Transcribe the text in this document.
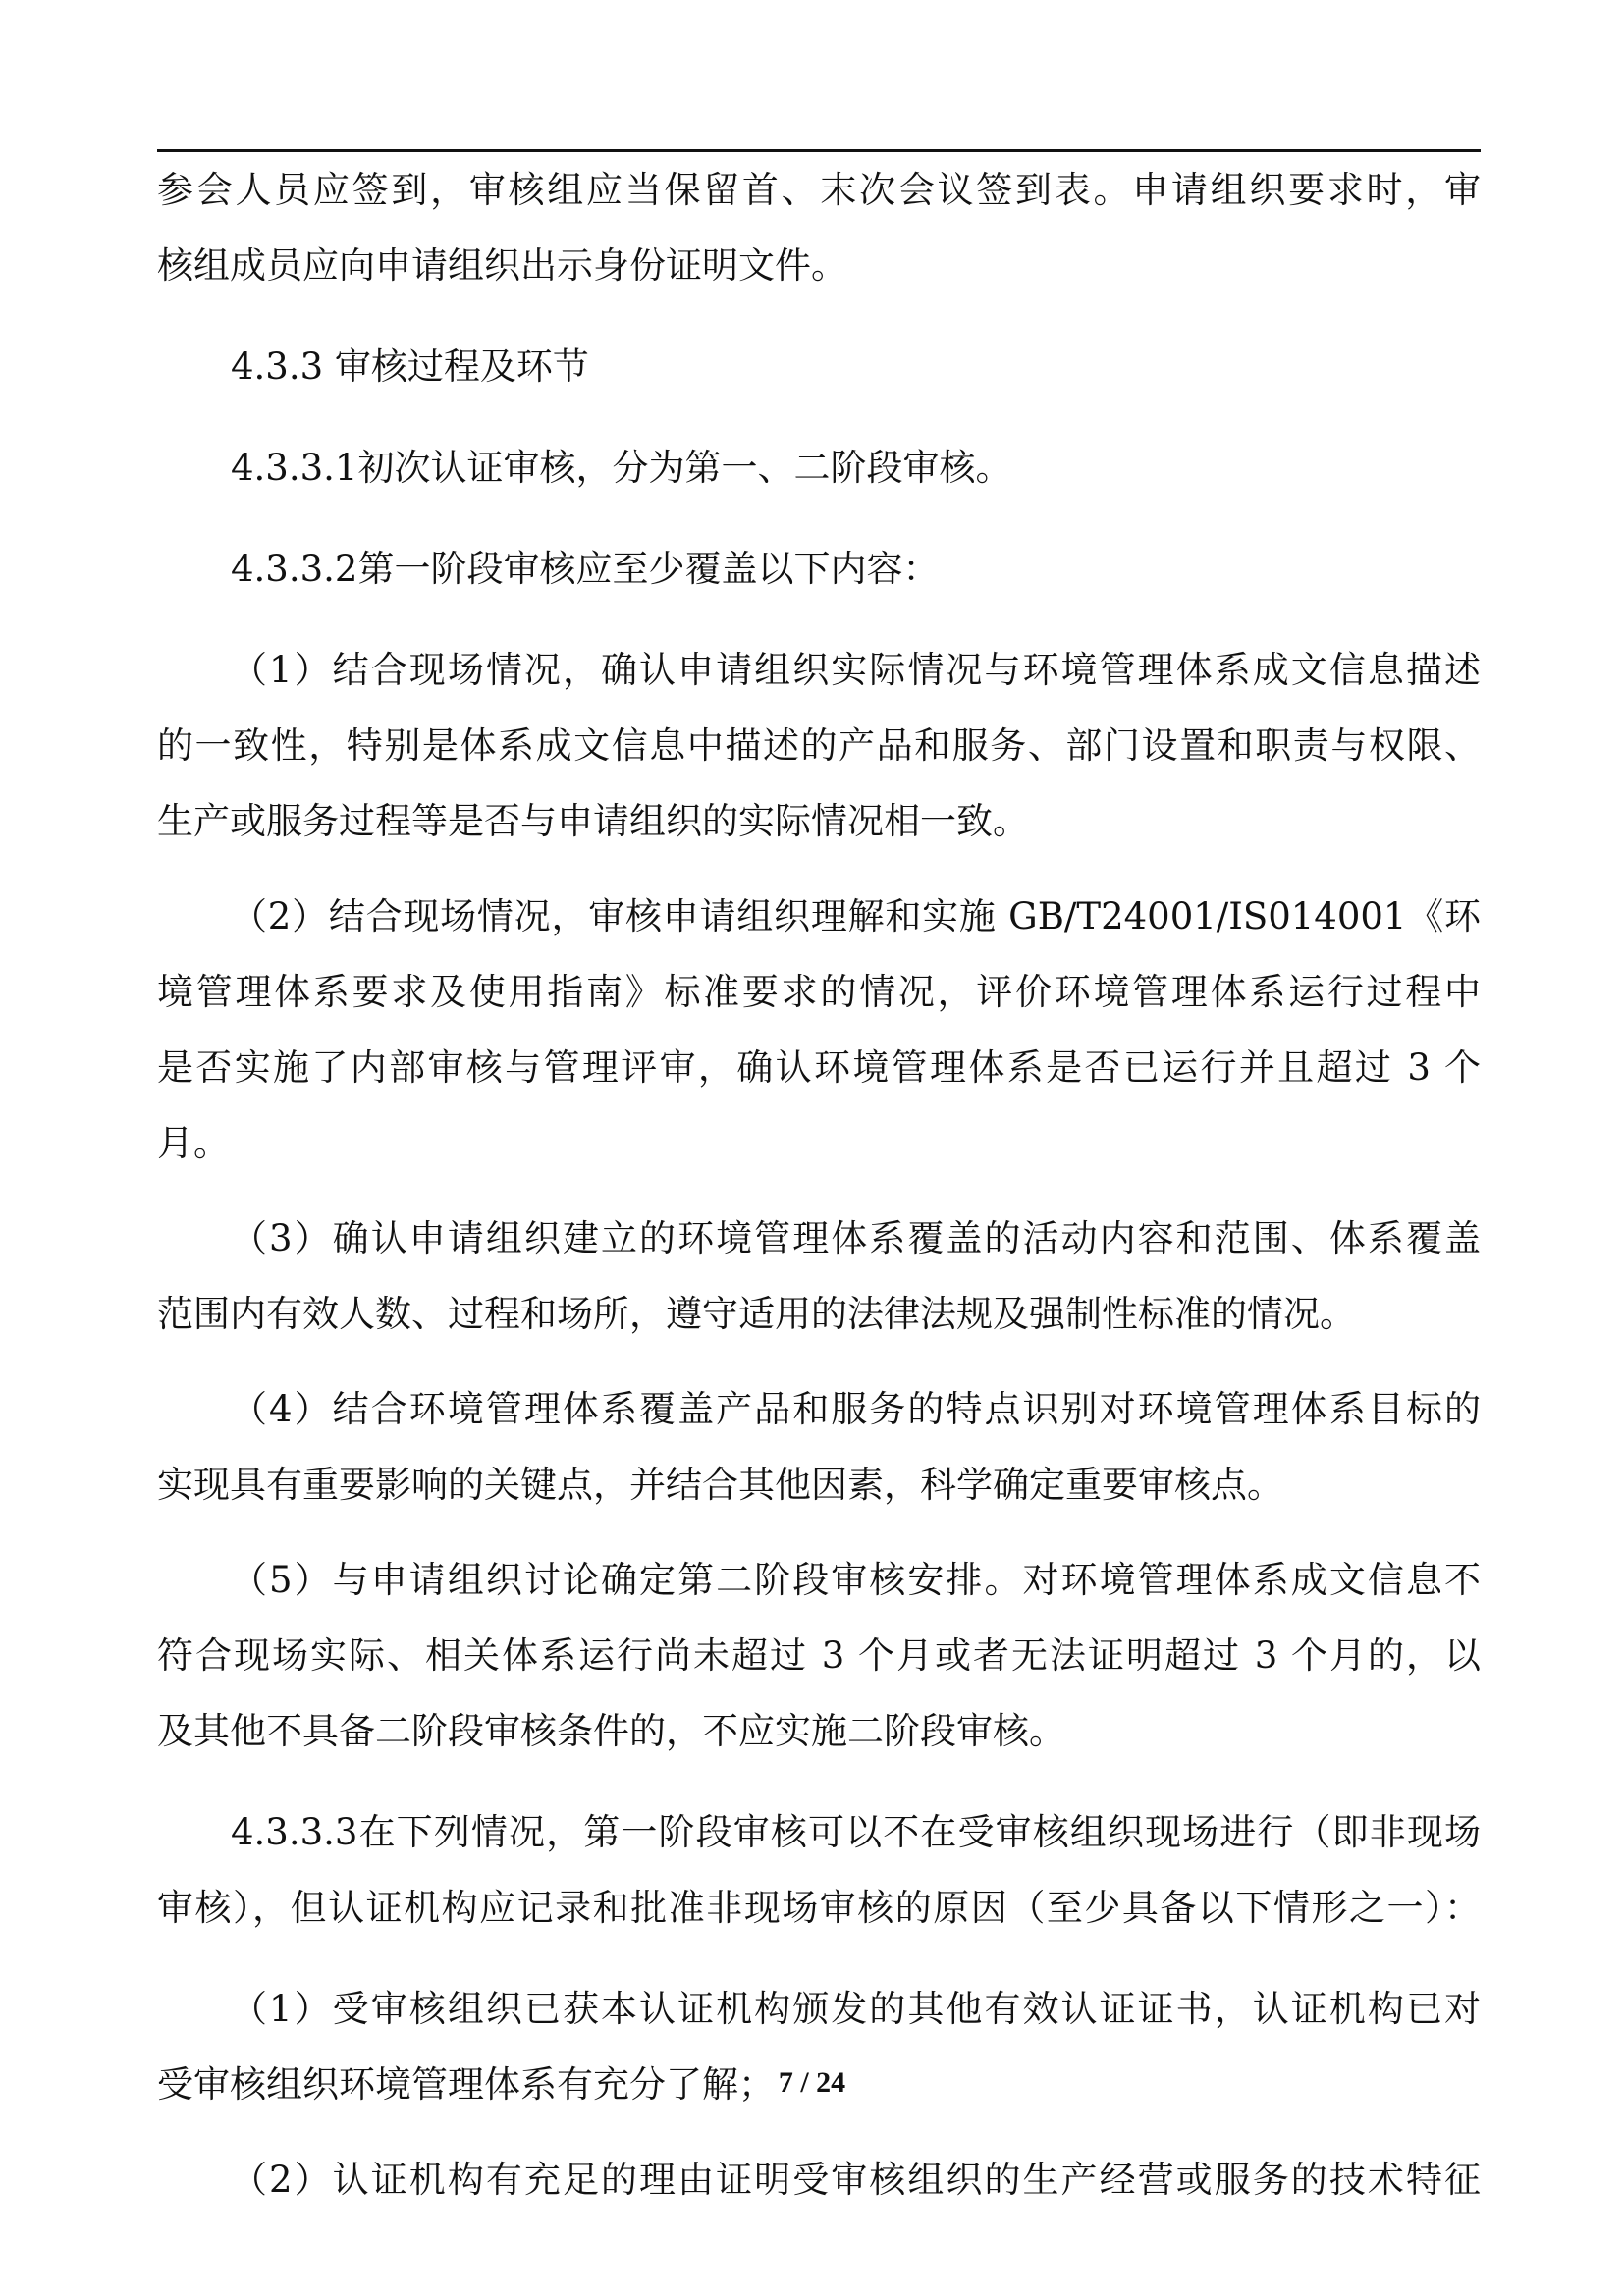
参会人员应签到，审核组应当保留首、末次会议签到表。申请组织要求时，审
核组成员应向申请组织出示身份证明文件。
4.3.3 审核过程及环节
4.3.3.1初次认证审核，分为第一、二阶段审核。
4.3.3.2第一阶段审核应至少覆盖以下内容：
（1）结合现场情况，确认申请组织实际情况与环境管理体系成文信息描述
的一致性，特别是体系成文信息中描述的产品和服务、部门设置和职责与权限、
生产或服务过程等是否与申请组织的实际情况相一致。
（2）结合现场情况，审核申请组织理解和实施 GB/T24001/IS014001《环
境管理体系要求及使用指南》标准要求的情况，评价环境管理体系运行过程中
是否实施了内部审核与管理评审，确认环境管理体系是否已运行并且超过 3 个
月。
（3）确认申请组织建立的环境管理体系覆盖的活动内容和范围、体系覆盖
范围内有效人数、过程和场所，遵守适用的法律法规及强制性标准的情况。
（4）结合环境管理体系覆盖产品和服务的特点识别对环境管理体系目标的
实现具有重要影响的关键点，并结合其他因素，科学确定重要审核点。
（5）与申请组织讨论确定第二阶段审核安排。对环境管理体系成文信息不
符合现场实际、相关体系运行尚未超过 3 个月或者无法证明超过 3 个月的，以
及其他不具备二阶段审核条件的，不应实施二阶段审核。
4.3.3.3在下列情况，第一阶段审核可以不在受审核组织现场进行（即非现场
审核），但认证机构应记录和批准非现场审核的原因（至少具备以下情形之一）：
（1）受审核组织已获本认证机构颁发的其他有效认证证书，认证机构已对
受审核组织环境管理体系有充分了解；
（2）认证机构有充足的理由证明受审核组织的生产经营或服务的技术特征
7 / 24
